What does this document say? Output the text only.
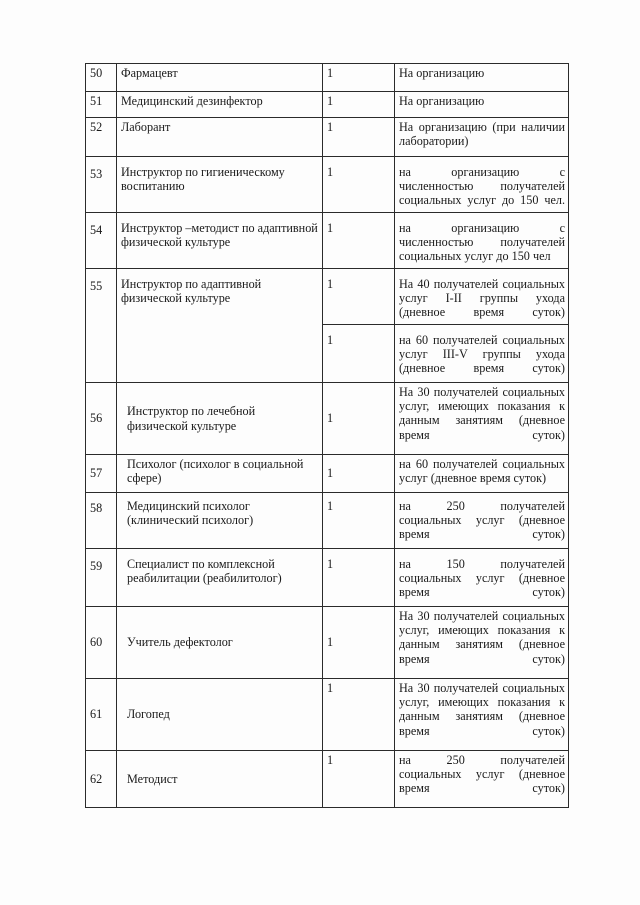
50	Фармацевт	1	На организацию
51	Медицинский дезинфектор	1	На организацию
52	Лаборант	1	На организацию (при наличии лаборатории)
53	Инструктор по гигиеническому воспитанию	1	на организацию с численностью получателей социальных услуг до 150 чел.
54	Инструктор –методист по адаптивной физической культуре	1	на организацию с численностью получателей социальных услуг до 150 чел
55	Инструктор по адаптивной физической культуре	1	На 40 получателей социальных услуг I-II группы ухода (дневное время суток)
		1	на 60 получателей социальных услуг III-V группы ухода (дневное время суток)
56	Инструктор по лечебной физической культуре	1	На 30 получателей социальных услуг, имеющих показания к данным занятиям (дневное время суток)
57	Психолог (психолог в социальной сфере)	1	на 60 получателей социальных услуг (дневное время суток)
58	Медицинский психолог (клинический психолог)	1	на 250 получателей социальных услуг (дневное время суток)
59	Специалист по комплексной реабилитации (реабилитолог)	1	на 150 получателей социальных услуг (дневное время суток)
60	Учитель дефектолог	1	На 30 получателей социальных услуг, имеющих показания к данным занятиям (дневное время суток)
61	Логопед	1	На 30 получателей социальных услуг, имеющих показания к данным занятиям (дневное время суток)
62	Методист	1	на 250 получателей социальных услуг (дневное время суток)
